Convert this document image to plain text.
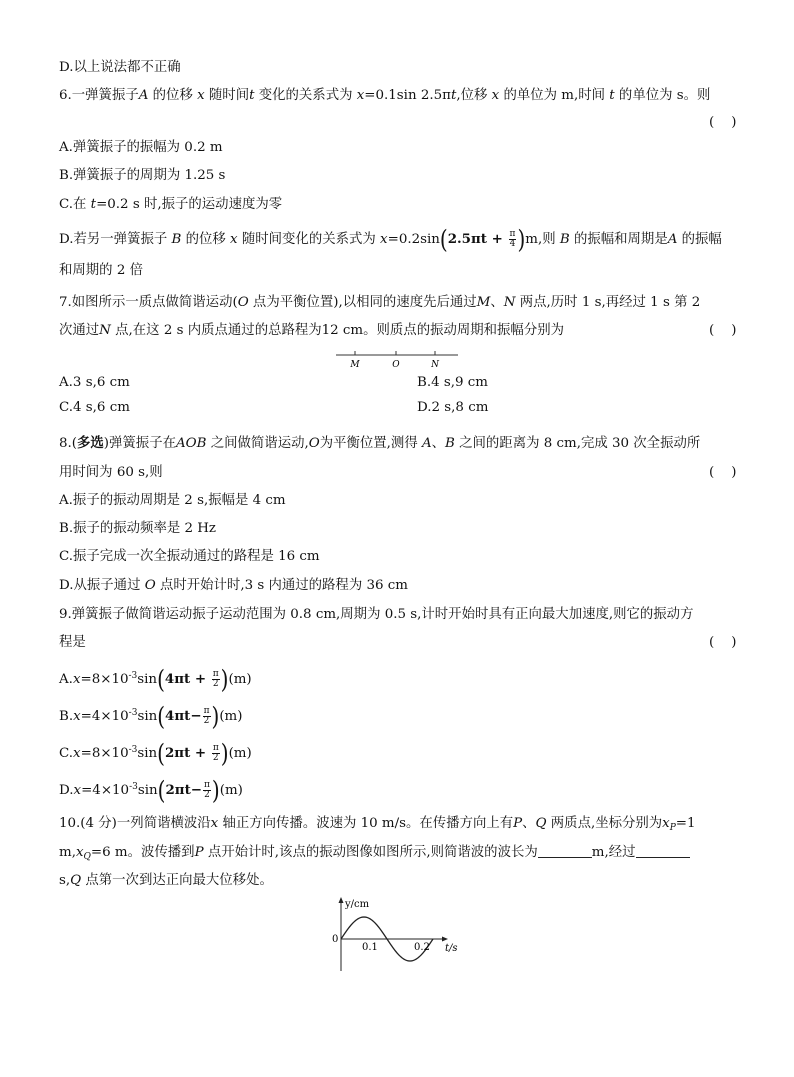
D.以上说法都不正确
6.一弹簧振子A 的位移 x 随时间t 变化的关系式为 x=0.1sin 2.5πt,位移 x 的单位为 m,时间 t 的单位为 s。则
(    )
A.弹簧振子的振幅为 0.2 m
B.弹簧振子的周期为 1.25 s
C.在 t=0.2 s 时,振子的运动速度为零
D.若另一弹簧振子 B 的位移 x 随时间变化的关系式为 $x=0.2\sin(2.5\pi t + \frac{\pi}{4} )m$,则 B 的振幅和周期是A 的振幅
和周期的 2 倍
7.如图所示一质点做简谐运动(O 点为平衡位置),以相同的速度先后通过M、N 两点,历时 1 s,再经过 1 s 第 2
次通过N 点,在这 2 s 内质点通过的总路程为12 cm。则质点的振动周期和振幅分别为	(    )
M	O	N
A.3 s,6 cm	B.4 s,9 cm
C.4 s,6 cm	D.2 s,8 cm
8.(多选)弹簧振子在AOB 之间做简谐运动,O为平衡位置,测得 A、B 之间的距离为 8 cm,完成 30 次全振动所
用时间为 60 s,则	(    )
A.振子的振动周期是 2 s,振幅是 4 cm
B.振子的振动频率是 2 Hz
C.振子完成一次全振动通过的路程是 16 cm
D.从振子通过 O 点时开始计时,3 s 内通过的路程为 36 cm
9.弹簧振子做简谐运动振子运动范围为 0.8 cm,周期为 0.5 s,计时开始时具有正向最大加速度,则它的振动方
程是	(    )
$A.x=8\times 10^{-3}\sin(4\pi t + \frac{\pi}{2} )(m)$
$B.x=4\times 10^{-3}\sin(4\pi t- \frac{\pi}{2} )(m)$
$C.x=8\times 10^{-3}\sin(2\pi t + \frac{\pi}{2} )(m)$
$D.x=4\times 10^{-3}\sin(2\pi t- \frac{\pi}{2} )(m)$
10.(4 分)一列简谐横波沿x 轴正方向传播。波速为 10 m/s。在传播方向上有P、Q 两质点,坐标分别为$x_P=1$
$m,x_Q=6$ m。波传播到P 点开始计时,该点的振动图像如图所示,则简谐波的波长为	m,经过
s,Q 点第一次到达正向最大位移处。
y/cm
0
0.1	0.2 t/s
